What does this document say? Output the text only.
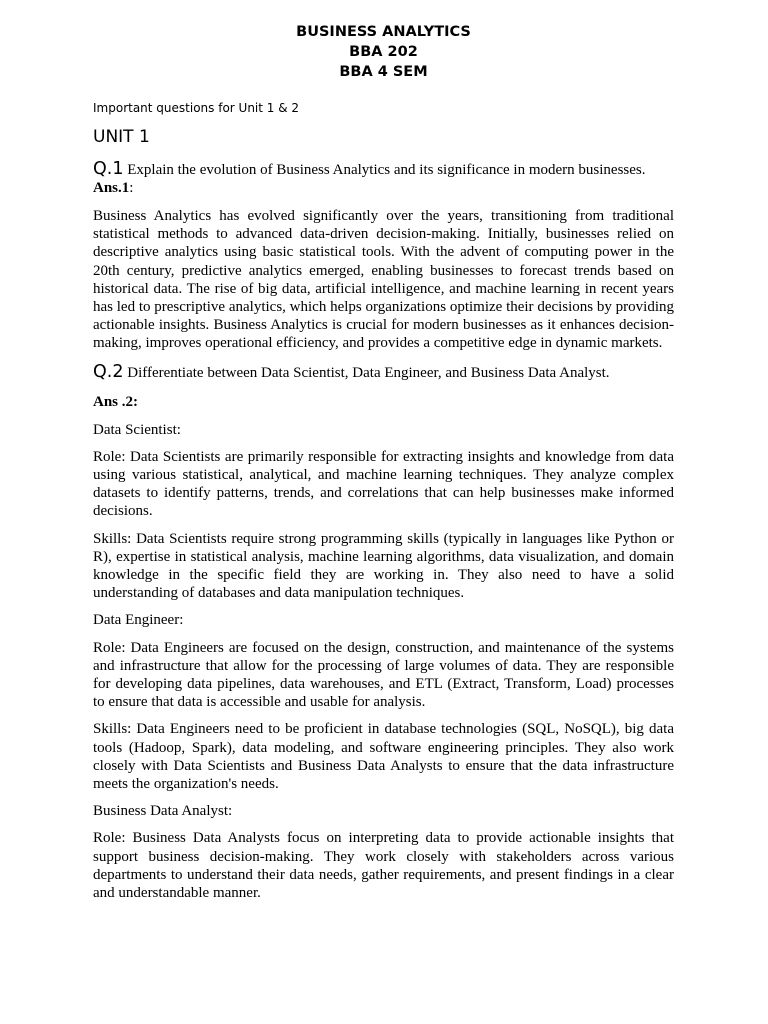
BUSINESS ANALYTICS
BBA 202
BBA 4 SEM
Important questions for Unit 1 & 2
UNIT 1
Q.1 Explain the evolution of Business Analytics and its significance in modern businesses.
Ans.1:

Business Analytics has evolved significantly over the years, transitioning from traditional statistical methods to advanced data-driven decision-making. Initially, businesses relied on descriptive analytics using basic statistical tools. With the advent of computing power in the 20th century, predictive analytics emerged, enabling businesses to forecast trends based on historical data. The rise of big data, artificial intelligence, and machine learning in recent years has led to prescriptive analytics, which helps organizations optimize their decisions by providing actionable insights. Business Analytics is crucial for modern businesses as it enhances decision-making, improves operational efficiency, and provides a competitive edge in dynamic markets.

Q.2 Differentiate between Data Scientist, Data Engineer, and Business Data Analyst.
Ans .2:

Data Scientist:

Role: Data Scientists are primarily responsible for extracting insights and knowledge from data using various statistical, analytical, and machine learning techniques. They analyze complex datasets to identify patterns, trends, and correlations that can help businesses make informed decisions.

Skills: Data Scientists require strong programming skills (typically in languages like Python or R), expertise in statistical analysis, machine learning algorithms, data visualization, and domain knowledge in the specific field they are working in. They also need to have a solid understanding of databases and data manipulation techniques.

Data Engineer:

Role: Data Engineers are focused on the design, construction, and maintenance of the systems and infrastructure that allow for the processing of large volumes of data. They are responsible for developing data pipelines, data warehouses, and ETL (Extract, Transform, Load) processes to ensure that data is accessible and usable for analysis.

Skills: Data Engineers need to be proficient in database technologies (SQL, NoSQL), big data tools (Hadoop, Spark), data modeling, and software engineering principles. They also work closely with Data Scientists and Business Data Analysts to ensure that the data infrastructure meets the organization's needs.

Business Data Analyst:

Role: Business Data Analysts focus on interpreting data to provide actionable insights that support business decision-making. They work closely with stakeholders across various departments to understand their data needs, gather requirements, and present findings in a clear and understandable manner.
